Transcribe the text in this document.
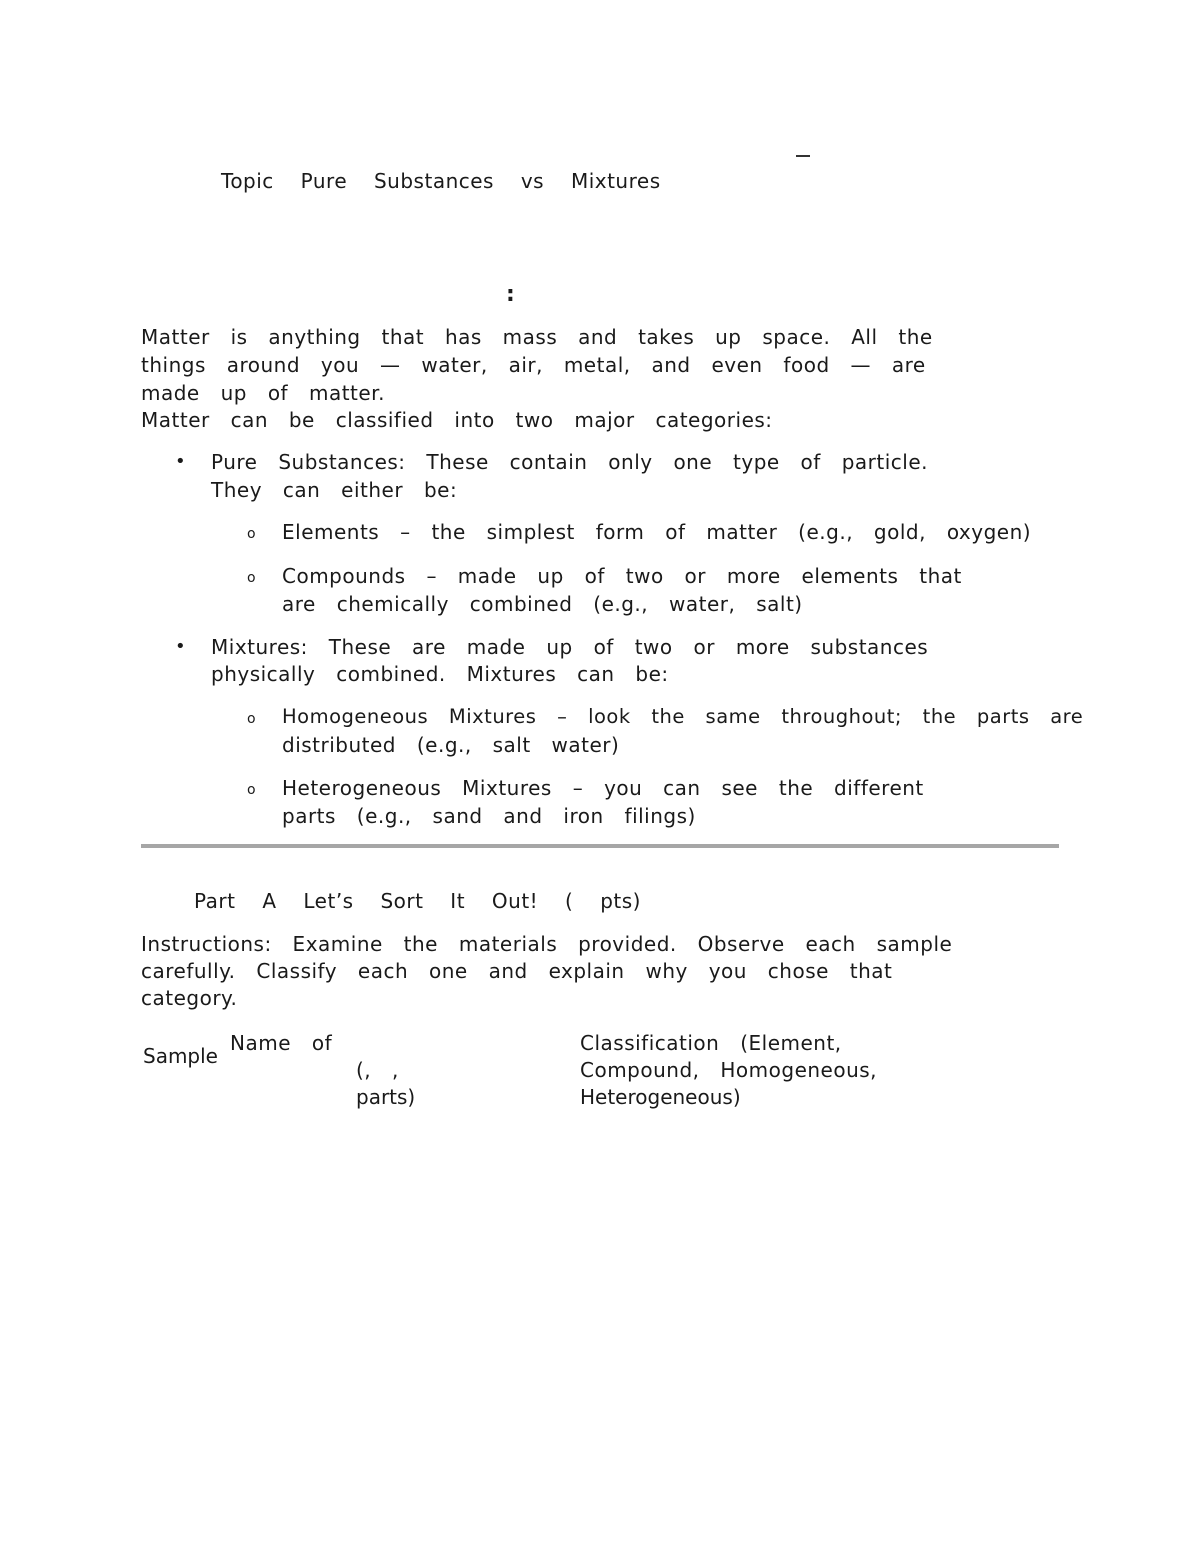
Topic Pure Substances vs Mixtures
:
Matter is anything that has mass and takes up space. All the
things around you — water, air, metal, and even food — are
made up of matter.
Matter can be classified into two major categories:
• Pure Substances: These contain only one type of particle.
They can either be:
o Elements – the simplest form of matter (e.g., gold, oxygen)
o Compounds – made up of two or more elements that
are chemically combined (e.g., water, salt)
• Mixtures: These are made up of two or more substances
physically combined. Mixtures can be:
o Homogeneous Mixtures – look the same throughout; the parts are
distributed (e.g., salt water)
o Heterogeneous Mixtures – you can see the different
parts (e.g., sand and iron filings)
Part A Let’s Sort It Out! ( pts)
Instructions: Examine the materials provided. Observe each sample
carefully. Classify each one and explain why you chose that
category.
Sample
Name of
(, ,
parts)
Classification (Element,
Compound, Homogeneous,
Heterogeneous)
